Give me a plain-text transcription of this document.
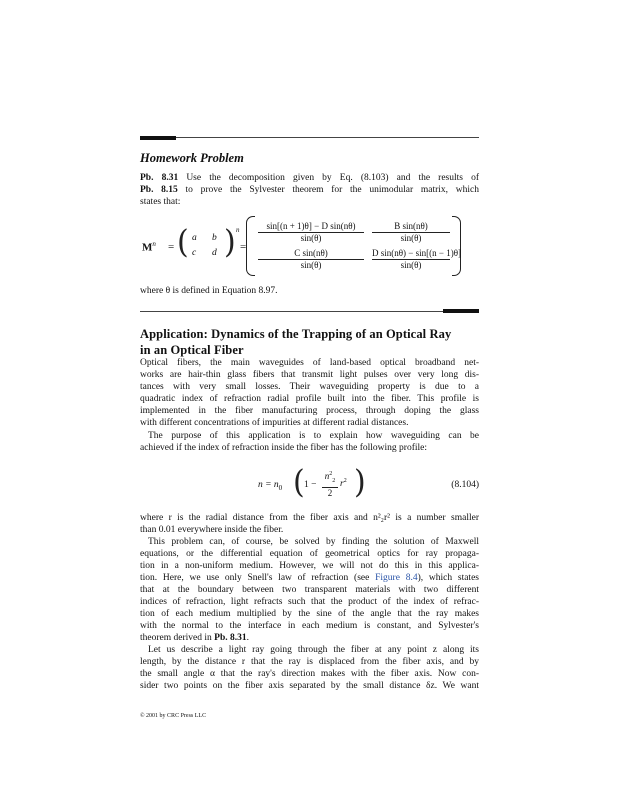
Homework Problem
Pb. 8.31 Use the decomposition given by Eq. (8.103) and the results of
Pb. 8.15 to prove the Sylvester theorem for the unimodular matrix, which
states that:
$M^n$ = ( a b
c d ) n
=
sin[(n + 1)θ] − D sin(nθ)
sin(θ)
B sin(nθ)
sin(θ)
C sin(nθ)
sin(θ)
D sin(nθ) − sin[(n − 1)θ]
sin(θ)
where θ is defined in Equation 8.97.
Application: Dynamics of the Trapping of an Optical Ray
in an Optical Fiber
Optical fibers, the main waveguides of land-based optical broadband net-
works are hair-thin glass fibers that transmit light pulses over very long dis-
tances with very small losses. Their waveguiding property is due to a
quadratic index of refraction radial profile built into the fiber. This profile is
implemented in the fiber manufacturing process, through doping the glass
with different concentrations of impurities at different radial distances.
The purpose of this application is to explain how waveguiding can be
achieved if the index of refraction inside the fiber has the following profile:
$n = n_0$ ( 1 −
$n^2_2$
2
$r^2$ )	(8.104)
where r is the radial distance from the fiber axis and n²₂r² is a number smaller
than 0.01 everywhere inside the fiber.
This problem can, of course, be solved by finding the solution of Maxwell
equations, or the differential equation of geometrical optics for ray propaga-
tion in a non-uniform medium. However, we will not do this in this applica-
tion. Here, we use only Snell's law of refraction (see Figure 8.4), which states
that at the boundary between two transparent materials with two different
indices of refraction, light refracts such that the product of the index of refrac-
tion of each medium multiplied by the sine of the angle that the ray makes
with the normal to the interface in each medium is constant, and Sylvester's
theorem derived in Pb. 8.31.
Let us describe a light ray going through the fiber at any point z along its
length, by the distance r that the ray is displaced from the fiber axis, and by
the small angle α that the ray's direction makes with the fiber axis. Now con-
sider two points on the fiber axis separated by the small distance δz. We want
© 2001 by CRC Press LLC
